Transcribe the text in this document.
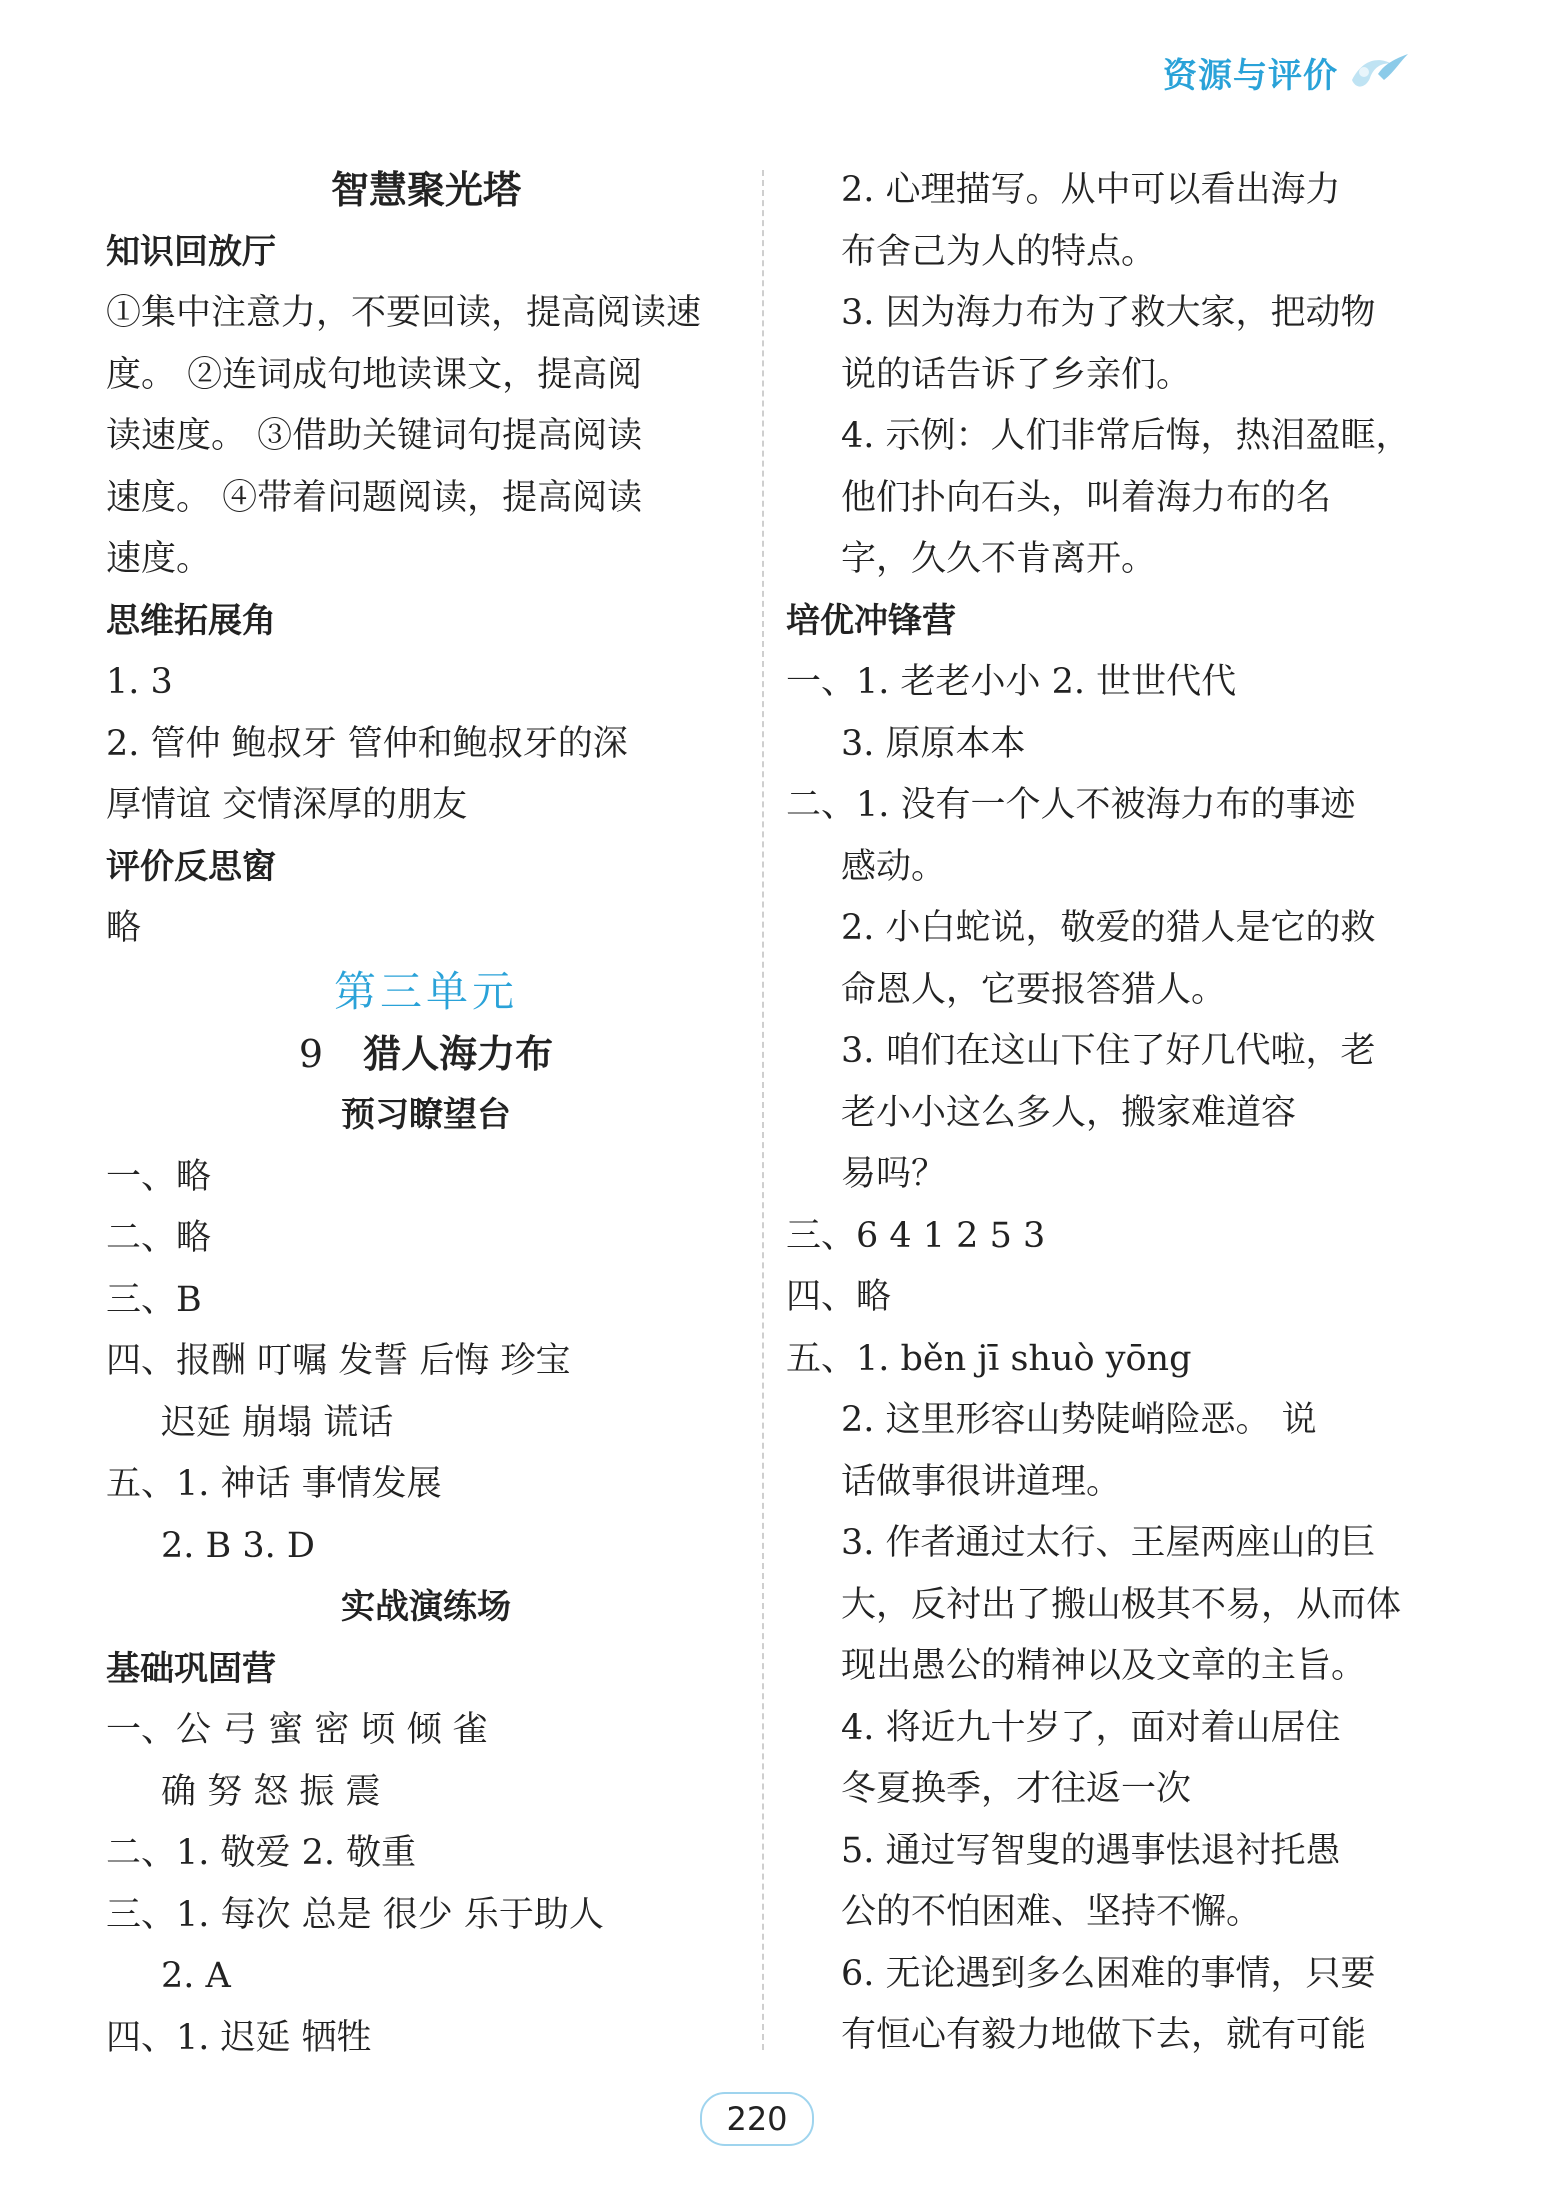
资源与评价
智慧聚光塔
知识回放厅
①集中注意力，不要回读，提高阅读速
度。 ②连词成句地读课文，提高阅
读速度。 ③借助关键词句提高阅读
速度。 ④带着问题阅读，提高阅读
速度。
思维拓展角
1. 3
2. 管仲 鲍叔牙 管仲和鲍叔牙的深
厚情谊 交情深厚的朋友
评价反思窗
略
第三单元
9 猎人海力布
预习瞭望台
一、略
二、略
三、B
四、报酬 叮嘱 发誓 后悔 珍宝
迟延 崩塌 谎话
五、1. 神话 事情发展
2. B 3. D
实战演练场
基础巩固营
一、公 弓 蜜 密 顷 倾 雀
确 努 怒 振 震
二、1. 敬爱 2. 敬重
三、1. 每次 总是 很少 乐于助人
2. A
四、1. 迟延 牺牲
2. 心理描写。从中可以看出海力
布舍己为人的特点。
3. 因为海力布为了救大家，把动物
说的话告诉了乡亲们。
4. 示例：人们非常后悔，热泪盈眶，
他们扑向石头，叫着海力布的名
字，久久不肯离开。
培优冲锋营
一、1. 老老小小 2. 世世代代
3. 原原本本
二、1. 没有一个人不被海力布的事迹
感动。
2. 小白蛇说，敬爱的猎人是它的救
命恩人，它要报答猎人。
3. 咱们在这山下住了好几代啦，老
老小小这么多人，搬家难道容
易吗？
三、6 4 1 2 5 3
四、略
五、1. běn jī shuò yōng
2. 这里形容山势陡峭险恶。 说
话做事很讲道理。
3. 作者通过太行、王屋两座山的巨
大，反衬出了搬山极其不易，从而体
现出愚公的精神以及文章的主旨。
4. 将近九十岁了，面对着山居住
冬夏换季，才往返一次
5. 通过写智叟的遇事怯退衬托愚
公的不怕困难、坚持不懈。
6. 无论遇到多么困难的事情，只要
有恒心有毅力地做下去，就有可能
220
